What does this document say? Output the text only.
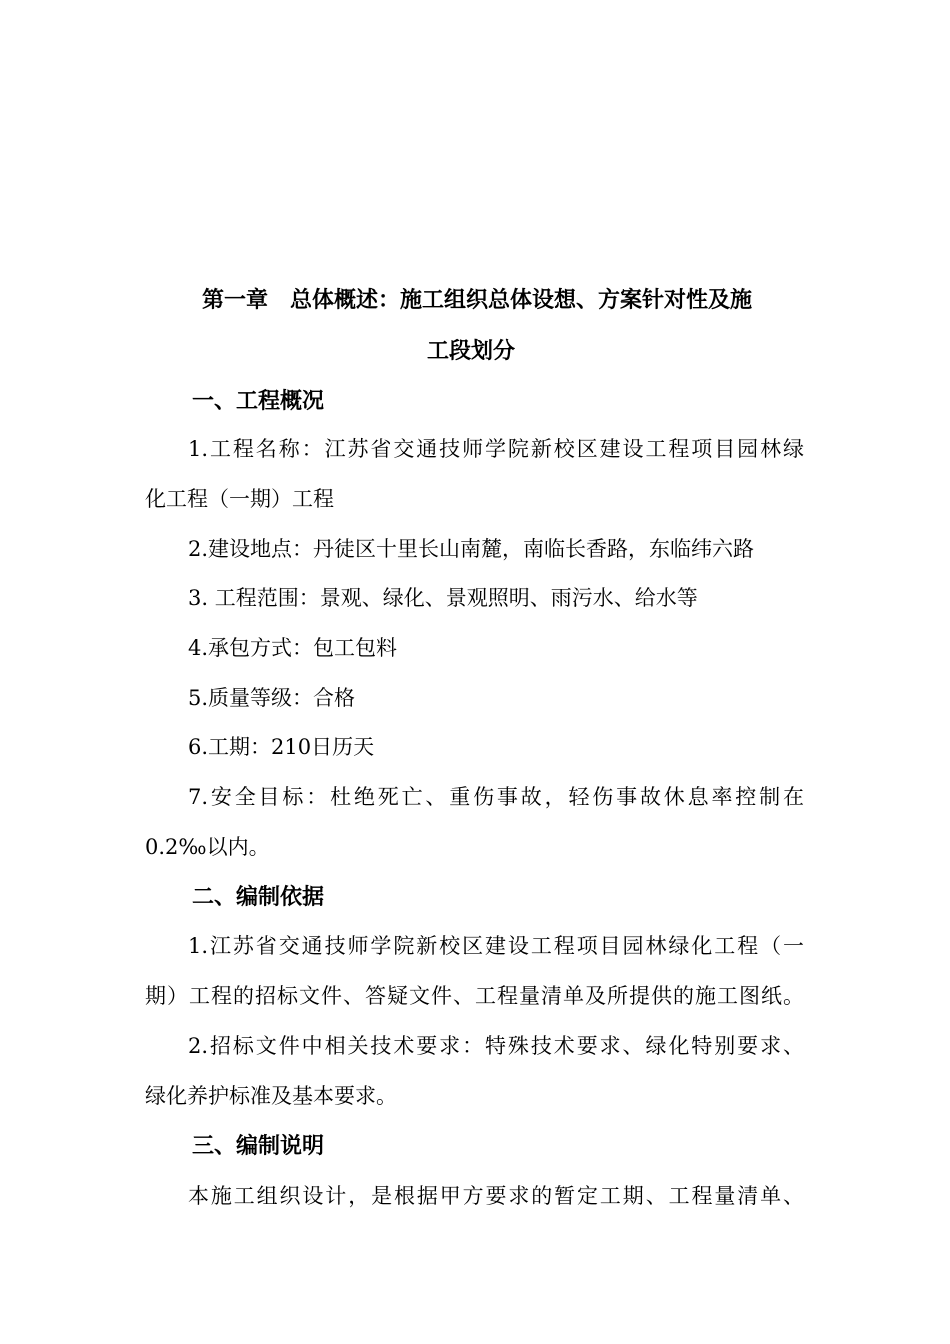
第一章　总体概述：施工组织总体设想、方案针对性及施
工段划分
一、工程概况
1.工程名称：江苏省交通技师学院新校区建设工程项目园林绿
化工程（一期）工程
2.建设地点：丹徒区十里长山南麓，南临长香路，东临纬六路
3. 工程范围：景观、绿化、景观照明、雨污水、给水等
4.承包方式：包工包料
5.质量等级：合格
6.工期：210日历天
7.安全目标：杜绝死亡、重伤事故，轻伤事故休息率控制在
0.2‰以内。
二、编制依据
1.江苏省交通技师学院新校区建设工程项目园林绿化工程（一
期）工程的招标文件、答疑文件、工程量清单及所提供的施工图纸。
2.招标文件中相关技术要求：特殊技术要求、绿化特别要求、
绿化养护标准及基本要求。
三、编制说明
本施工组织设计，是根据甲方要求的暂定工期、工程量清单、
